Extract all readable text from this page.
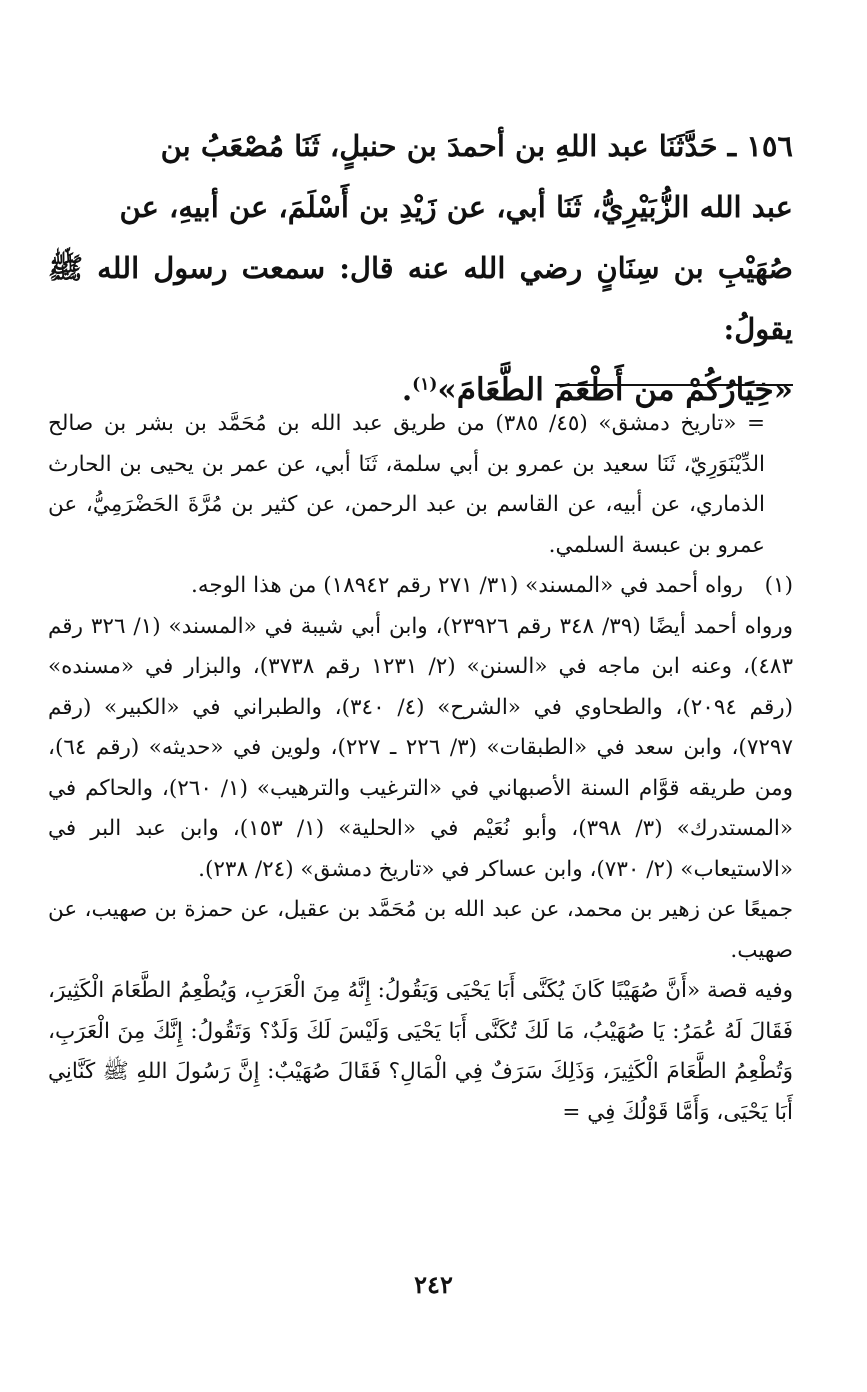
١٥٦ ـ حَدَّثَنَا عبد اللهِ بن أحمدَ بن حنبلٍ، ثَنَا مُصْعَبُ بن

عبد الله الزُّبَيْرِيُّ، ثَنَا أبي، عن زَيْدِ بن أَسْلَمَ، عن أبيهِ، عن

صُهَيْبِ بن سِنَانٍ رضي الله عنه قال: سمعت رسول الله ﷺ يقولُ:

«خِيَارُكُمْ من أَطْعَمَ الطَّعَامَ»$^{(١)}$.

= «تاريخ دمشق» (٤٥/ ٣٨٥) من طريق عبد الله بن مُحَمَّد بن بشر بن صالح الدِّيْنَوَرِيّ، ثَنَا سعيد بن عمرو بن أبي سلمة، ثَنَا أبي، عن عمر بن يحيى بن الحارث الذماري، عن أبيه، عن القاسم بن عبد الرحمن، عن كثير بن مُرَّةَ الحَضْرَمِيُّ، عن عمرو بن عبسة السلمي.

(١)

رواه أحمد في «المسند» (٣١/ ٢٧١ رقم ١٨٩٤٢) من هذا الوجه.

ورواه أحمد أيضًا (٣٩/ ٣٤٨ رقم ٢٣٩٢٦)، وابن أبي شيبة في «المسند» (١/ ٣٢٦ رقم ٤٨٣)، وعنه ابن ماجه في «السنن» (٢/ ١٢٣١ رقم ٣٧٣٨)، والبزار في «مسنده» (رقم ٢٠٩٤)، والطحاوي في «الشرح» (٤/ ٣٤٠)، والطبراني في «الكبير» (رقم ٧٢٩٧)، وابن سعد في «الطبقات» (٣/ ٢٢٦ ـ ٢٢٧)، ولوين في «حديثه» (رقم ٦٤)، ومن طريقه قوَّام السنة الأصبهاني في «الترغيب والترهيب» (١/ ٢٦٠)، والحاكم في «المستدرك» (٣/ ٣٩٨)، وأبو نُعَيْم في «الحلية» (١/ ١٥٣)، وابن عبد البر في «الاستيعاب» (٢/ ٧٣٠)، وابن عساكر في «تاريخ دمشق» (٢٤/ ٢٣٨).

جميعًا عن زهير بن محمد، عن عبد الله بن مُحَمَّد بن عقيل، عن حمزة بن صهيب، عن صهيب.

وفيه قصة «أَنَّ صُهَيْبًا كَانَ يُكَنَّى أَبَا يَحْيَى وَيَقُولُ: إِنَّهُ مِنَ الْعَرَبِ، وَيُطْعِمُ الطَّعَامَ الْكَثِيرَ، فَقَالَ لَهُ عُمَرُ: يَا صُهَيْبُ، مَا لَكَ تُكَنَّى أَبَا يَحْيَى وَلَيْسَ لَكَ وَلَدٌ؟ وَتَقُولُ: إِنَّكَ مِنَ الْعَرَبِ، وَتُطْعِمُ الطَّعَامَ الْكَثِيرَ، وَذَلِكَ سَرَفٌ فِي الْمَالِ؟ فَقَالَ صُهَيْبٌ: إِنَّ رَسُولَ اللهِ ﷺ كَنَّانِي أَبَا يَحْيَى، وَأَمَّا قَوْلُكَ فِي =

٢٤٢
